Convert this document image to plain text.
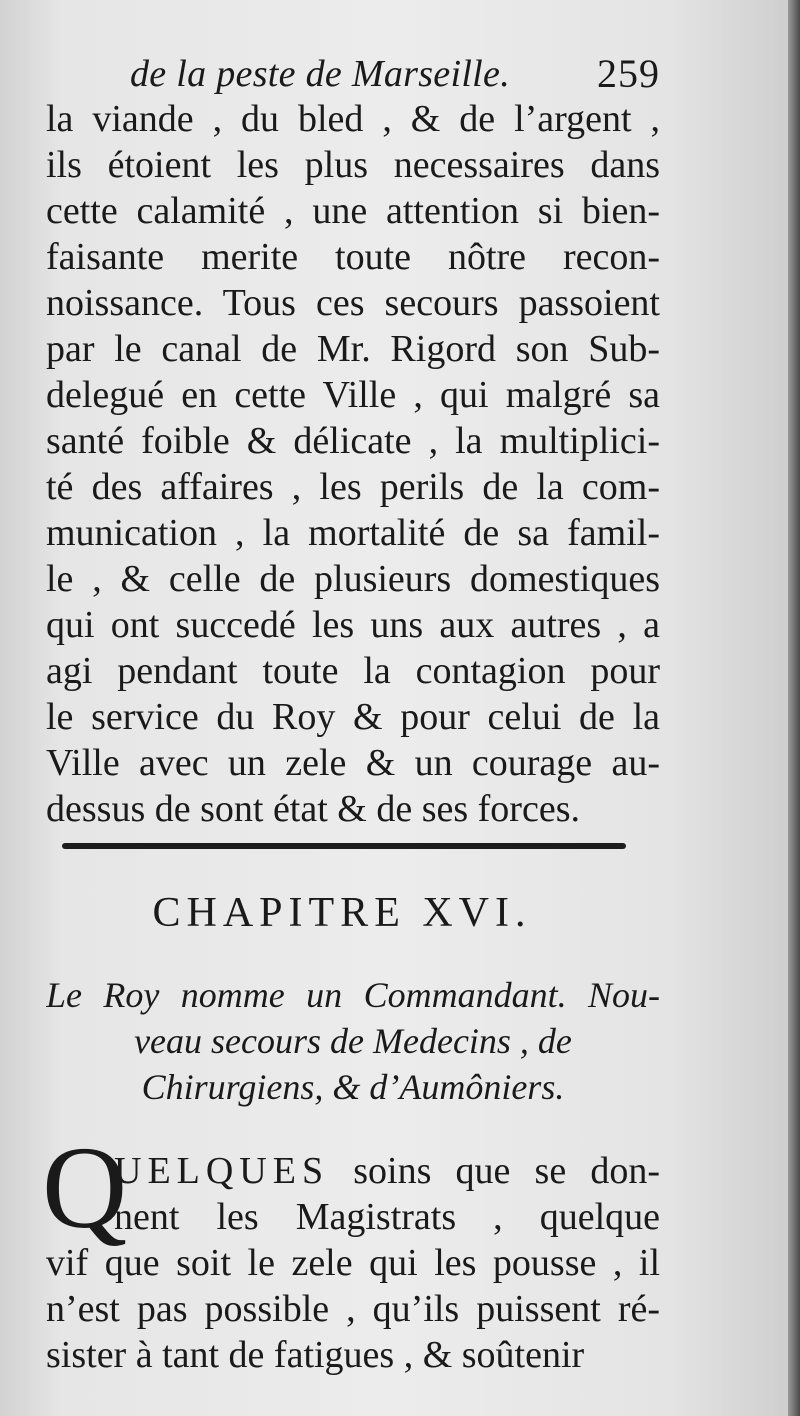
de la peste de Marseille. 259
la viande , du bled , & de l’argent ,
ils étoient les plus necessaires dans
cette calamité , une attention si bien-
faisante merite toute nôtre recon-
noissance. Tous ces secours passoient
par le canal de Mr. Rigord son Sub-
delegué en cette Ville , qui malgré sa
santé foible & délicate , la multiplici-
té des affaires , les perils de la com-
munication , la mortalité de sa famil-
le , & celle de plusieurs domestiques
qui ont succedé les uns aux autres , a
agi pendant toute la contagion pour
le service du Roy & pour celui de la
Ville avec un zele & un courage au-
dessus de sont état & de ses forces.
CHAPITRE XVI.
Le Roy nomme un Commandant. Nou-
veau secours de Medecins , de
Chirurgiens, & d’Aumôniers.
Q
UELQUES soins que se don-
nent les Magistrats , quelque
vif que soit le zele qui les pousse , il
n’est pas possible , qu’ils puissent ré-
sister à tant de fatigues , & soûtenir
